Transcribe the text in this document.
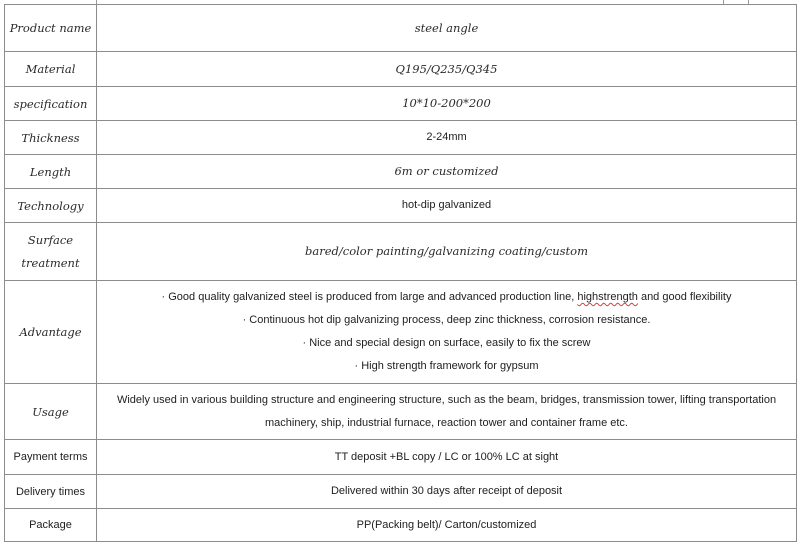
Product name	steel angle

Material	Q195/Q235/Q345

specification	10*10-200*200

Thickness	2-24mm

Length	6m or customized

Technology	hot-dip galvanized

Surface
treatment	bared/color painting/galvanizing coating/custom

Advantage	· Good quality galvanized steel is produced from large and advanced production line, highstrength and good flexibility
· Continuous hot dip galvanizing process, deep zinc thickness, corrosion resistance.
· Nice and special design on surface, easily to fix the screw
· High strength framework for gypsum

Usage	Widely used in various building structure and engineering structure, such as the beam, bridges, transmission tower, lifting transportation
machinery, ship, industrial furnace, reaction tower and container frame etc.

Payment terms	TT deposit +BL copy / LC or 100% LC at sight

Delivery times	Delivered within 30 days after receipt of deposit

Package	PP(Packing belt)/ Carton/customized
